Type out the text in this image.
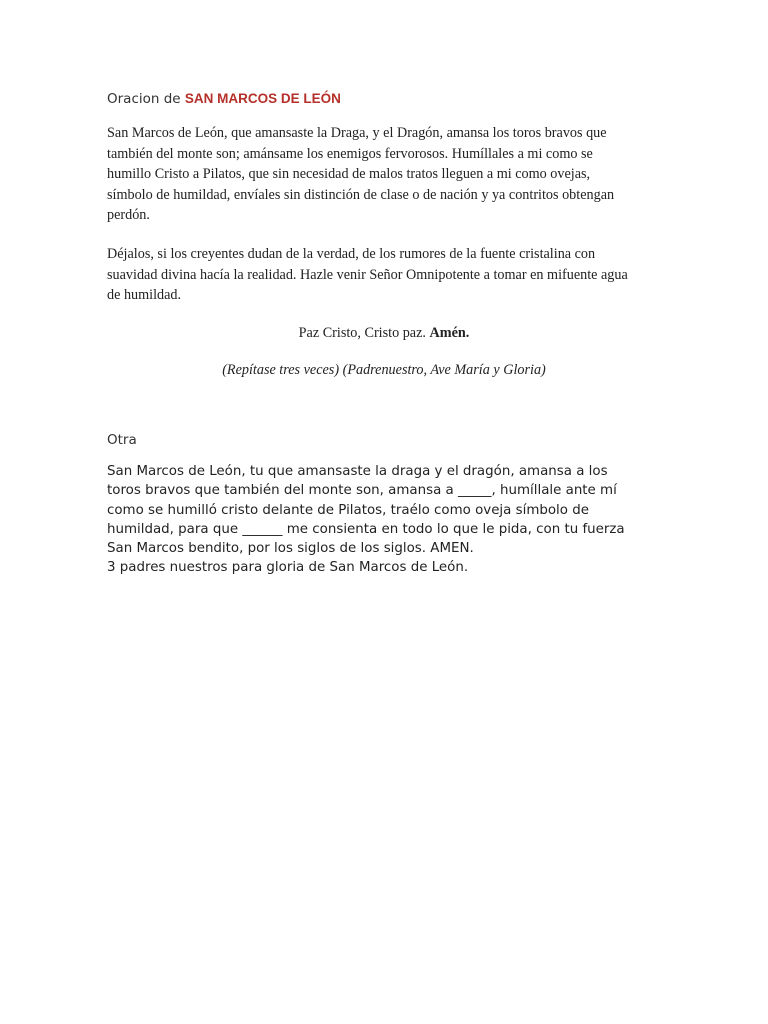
Oracion de SAN MARCOS DE LEÓN
San Marcos de León, que amansaste la Draga, y el Dragón, amansa los toros bravos que
también del monte son; amánsame los enemigos fervorosos. Humíllales a mi como se
humillo Cristo a Pilatos, que sin necesidad de malos tratos lleguen a mi como ovejas,
símbolo de humildad, envíales sin distinción de clase o de nación y ya contritos obtengan
perdón.
Déjalos, si los creyentes dudan de la verdad, de los rumores de la fuente cristalina con
suavidad divina hacía la realidad. Hazle venir Señor Omnipotente a tomar en mifuente agua
de humildad.
Paz Cristo, Cristo paz. Amén.
(Repítase tres veces) (Padrenuestro, Ave María y Gloria)
Otra
San Marcos de León, tu que amansaste la draga y el dragón, amansa a los
toros bravos que también del monte son, amansa a _____, humíllale ante mí
como se humilló cristo delante de Pilatos, traélo como oveja símbolo de
humildad, para que ______ me consienta en todo lo que le pida, con tu fuerza
San Marcos bendito, por los siglos de los siglos. AMEN.
3 padres nuestros para gloria de San Marcos de León.
